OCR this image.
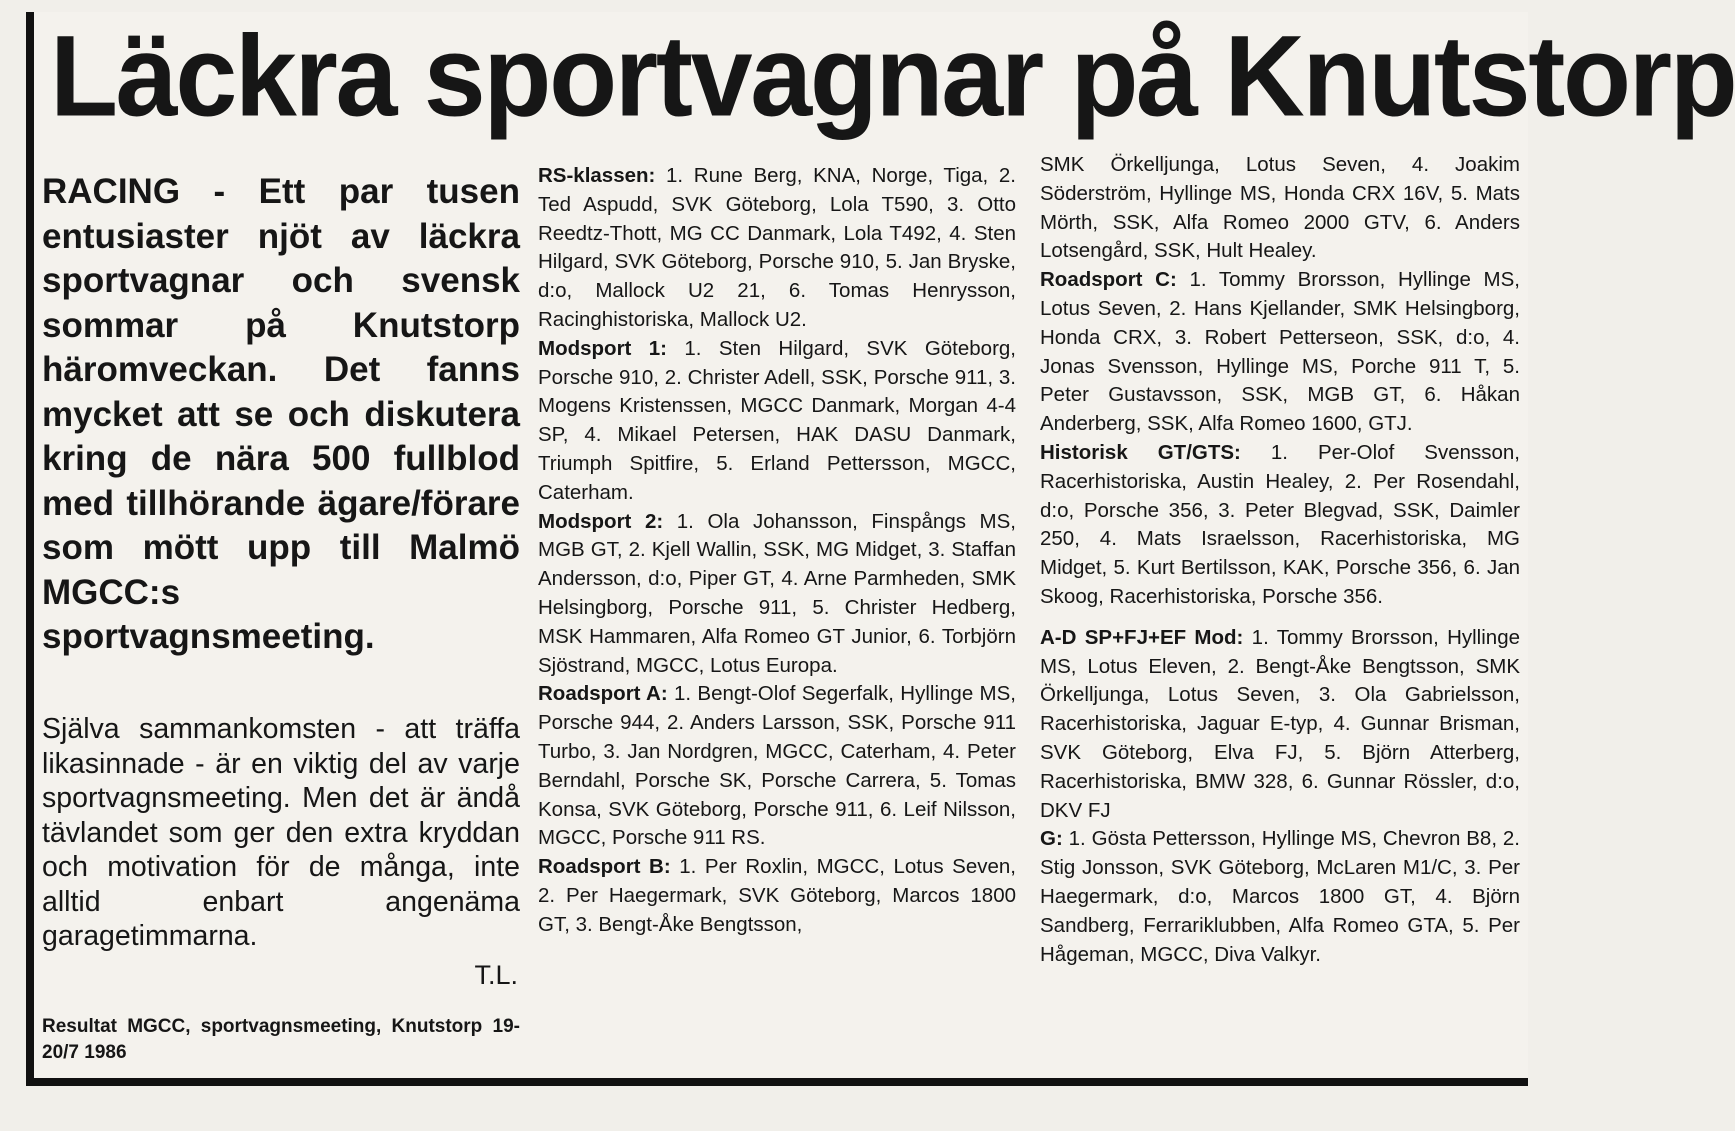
Läckra sportvagnar på Knutstorp
RACING - Ett par tusen entusiaster njöt av läckra sportvagnar och svensk sommar på Knutstorp häromveckan. Det fanns mycket att se och diskutera kring de nära 500 fullblod med tillhörande ägare/förare som mött upp till Malmö MGCC:s sportvagnsmeeting.
Själva sammankomsten - att träffa likasinnade - är en viktig del av varje sportvagnsmeeting. Men det är ändå tävlandet som ger den extra kryddan och motivation för de många, inte alltid enbart angenäma garagetimmarna.
T.L.
Resultat MGCC, sportvagnsmeeting, Knutstorp 19-20/7 1986

RS-klassen: 1. Rune Berg, KNA, Norge, Tiga, 2. Ted Aspudd, SVK Göteborg, Lola T590, 3. Otto Reedtz-Thott, MG CC Danmark, Lola T492, 4. Sten Hilgard, SVK Göteborg, Porsche 910, 5. Jan Bryske, d:o, Mallock U2 21, 6. Tomas Henrysson, Racinghistoriska, Mallock U2.

Modsport 1: 1. Sten Hilgard, SVK Göteborg, Porsche 910, 2. Christer Adell, SSK, Porsche 911, 3. Mogens Kristenssen, MGCC Danmark, Morgan 4-4 SP, 4. Mikael Petersen, HAK DASU Danmark, Triumph Spitfire, 5. Erland Pettersson, MGCC, Caterham.

Modsport 2: 1. Ola Johansson, Finspångs MS, MGB GT, 2. Kjell Wallin, SSK, MG Midget, 3. Staffan Andersson, d:o, Piper GT, 4. Arne Parmheden, SMK Helsingborg, Porsche 911, 5. Christer Hedberg, MSK Hammaren, Alfa Romeo GT Junior, 6. Torbjörn Sjöstrand, MGCC, Lotus Europa.

Roadsport A: 1. Bengt-Olof Segerfalk, Hyllinge MS, Porsche 944, 2. Anders Larsson, SSK, Porsche 911 Turbo, 3. Jan Nordgren, MGCC, Caterham, 4. Peter Berndahl, Porsche SK, Porsche Carrera, 5. Tomas Konsa, SVK Göteborg, Porsche 911, 6. Leif Nilsson, MGCC, Porsche 911 RS.

Roadsport B: 1. Per Roxlin, MGCC, Lotus Seven, 2. Per Haegermark, SVK Göteborg, Marcos 1800 GT, 3. Bengt-Åke Bengtsson,

SMK Örkelljunga, Lotus Seven, 4. Joakim Söderström, Hyllinge MS, Honda CRX 16V, 5. Mats Mörth, SSK, Alfa Romeo 2000 GTV, 6. Anders Lotsengård, SSK, Hult Healey.

Roadsport C: 1. Tommy Brorsson, Hyllinge MS, Lotus Seven, 2. Hans Kjellander, SMK Helsingborg, Honda CRX, 3. Robert Petterseon, SSK, d:o, 4. Jonas Svensson, Hyllinge MS, Porche 911 T, 5. Peter Gustavsson, SSK, MGB GT, 6. Håkan Anderberg, SSK, Alfa Romeo 1600, GTJ.

Historisk GT/GTS: 1. Per-Olof Svensson, Racerhistoriska, Austin Healey, 2. Per Rosendahl, d:o, Porsche 356, 3. Peter Blegvad, SSK, Daimler 250, 4. Mats Israelsson, Racerhistoriska, MG Midget, 5. Kurt Bertilsson, KAK, Porsche 356, 6. Jan Skoog, Racerhistoriska, Porsche 356.

A-D SP+FJ+EF Mod: 1. Tommy Brorsson, Hyllinge MS, Lotus Eleven, 2. Bengt-Åke Bengtsson, SMK Örkelljunga, Lotus Seven, 3. Ola Gabrielsson, Racerhistoriska, Jaguar E-typ, 4. Gunnar Brisman, SVK Göteborg, Elva FJ, 5. Björn Atterberg, Racerhistoriska, BMW 328, 6. Gunnar Rössler, d:o, DKV FJ

G: 1. Gösta Pettersson, Hyllinge MS, Chevron B8, 2. Stig Jonsson, SVK Göteborg, McLaren M1/C, 3. Per Haegermark, d:o, Marcos 1800 GT, 4. Björn Sandberg, Ferrariklubben, Alfa Romeo GTA, 5. Per Hågeman, MGCC, Diva Valkyr.
